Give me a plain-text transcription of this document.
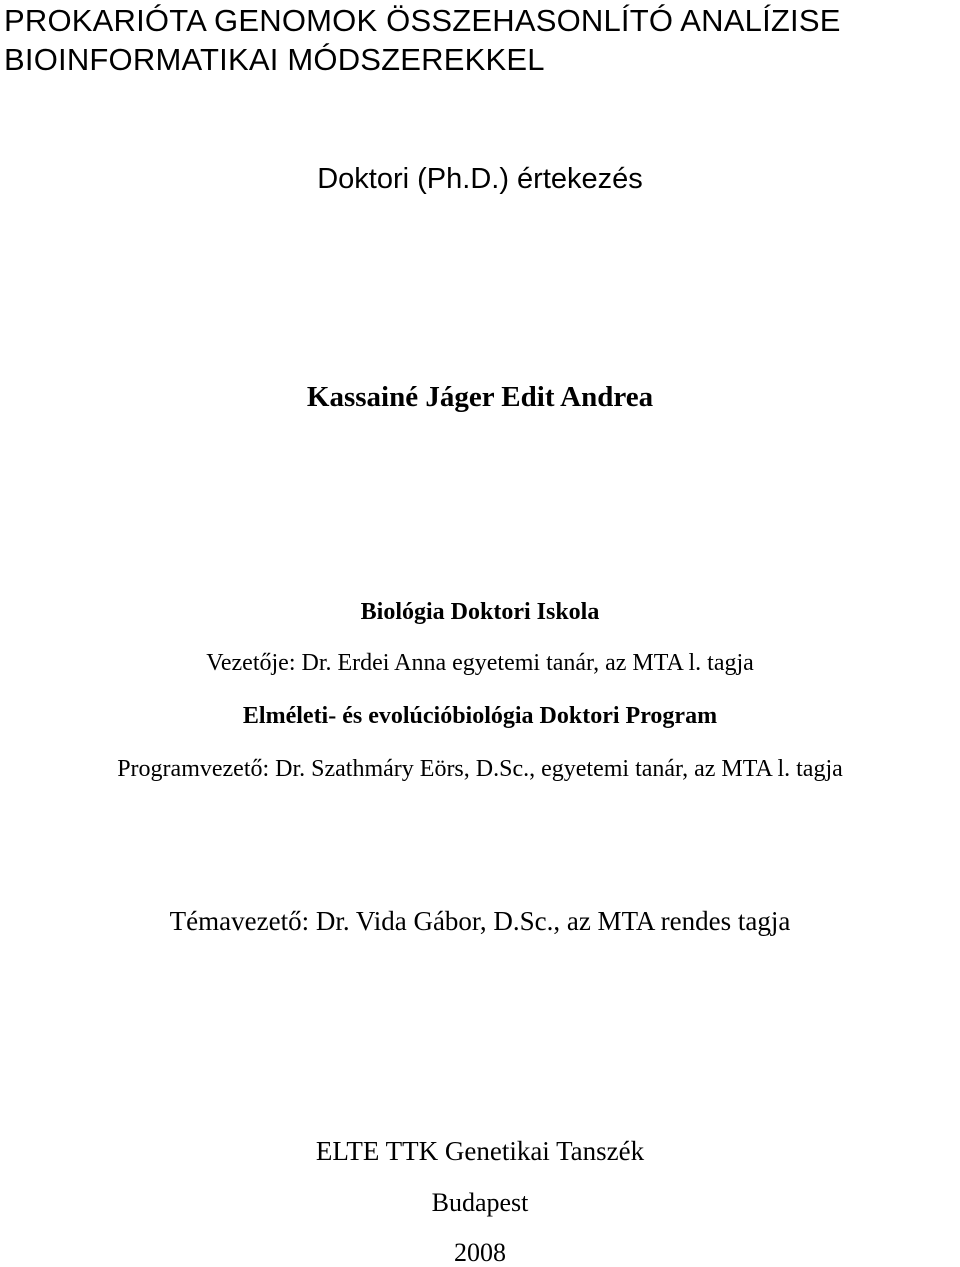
PROKARIÓTA GENOMOK ÖSSZEHASONLÍTÓ ANALÍZISE
BIOINFORMATIKAI MÓDSZEREKKEL
Doktori (Ph.D.) értekezés
Kassainé Jáger Edit Andrea
Biológia Doktori Iskola
Vezetője: Dr. Erdei Anna egyetemi tanár, az MTA l. tagja
Elméleti- és evolúcióbiológia Doktori Program
Programvezető: Dr. Szathmáry Eörs, D.Sc., egyetemi tanár, az MTA l. tagja
Témavezető: Dr. Vida Gábor, D.Sc., az MTA rendes tagja
ELTE TTK Genetikai Tanszék
Budapest
2008
